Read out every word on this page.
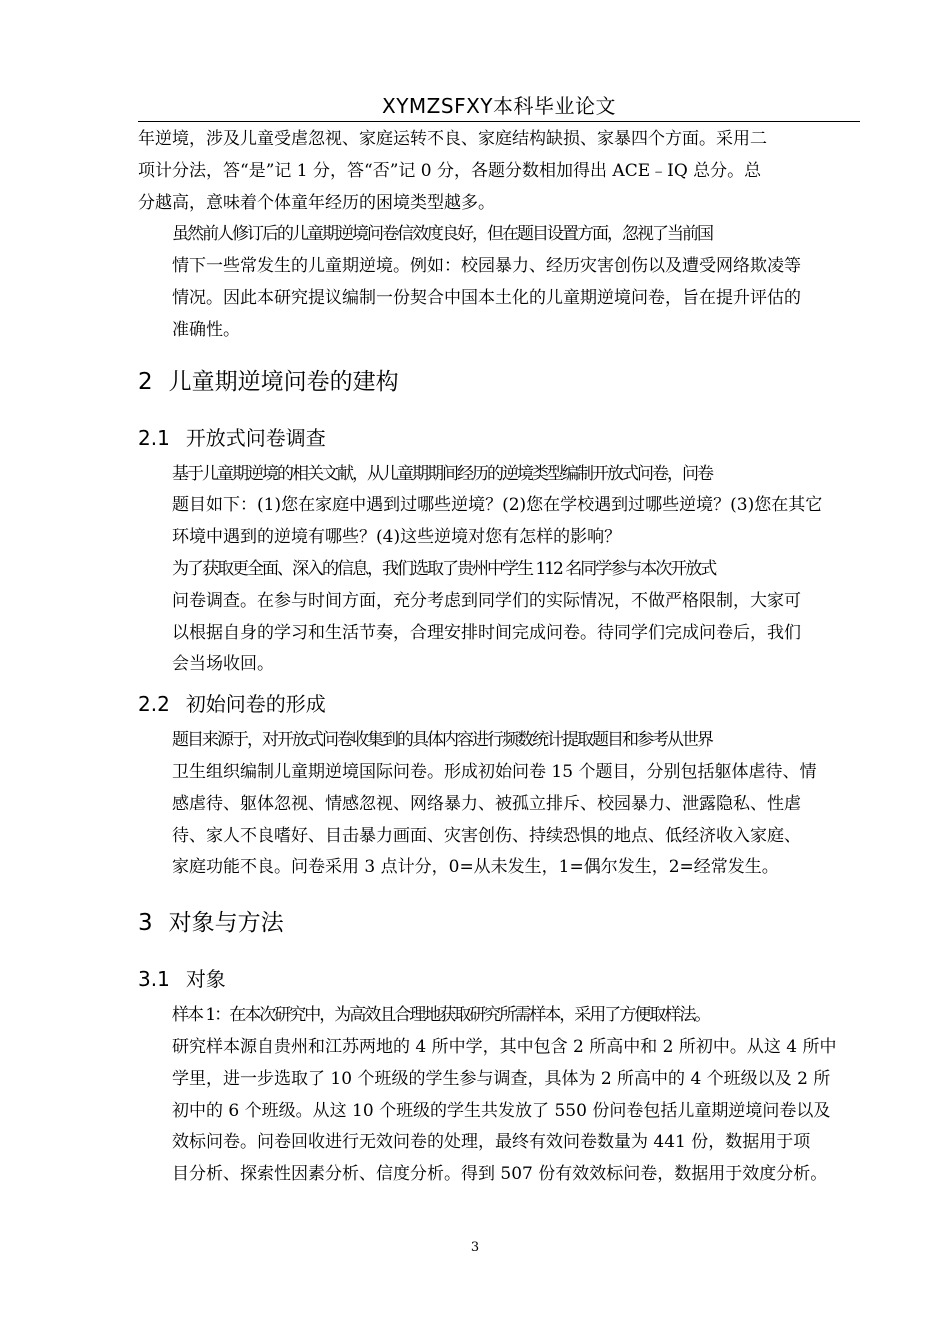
XYMZSFXY本科毕业论文

年逆境，涉及儿童受虐忽视、家庭运转不良、家庭结构缺损、家暴四个方面。采用二
项计分法，答“是”记 1 分，答“否”记 0 分，各题分数相加得出 ACE﹣IQ 总分。总
分越高，意味着个体童年经历的困境类型越多。

虽然前人修订后的儿童期逆境问卷信效度良好，但在题目设置方面，忽视了当前国
情下一些常发生的儿童期逆境。例如：校园暴力、经历灾害创伤以及遭受网络欺凌等
情况。因此本研究提议编制一份契合中国本土化的儿童期逆境问卷，旨在提升评估的
准确性。

2 儿童期逆境问卷的建构
2.1 开放式问卷调查

基于儿童期逆境的相关文献，从儿童期期间经历的逆境类型编制开放式问卷，问卷
题目如下：(1)您在家庭中遇到过哪些逆境？(2)您在学校遇到过哪些逆境？(3)您在其它
环境中遇到的逆境有哪些？(4)这些逆境对您有怎样的影响？

为了获取更全面、深入的信息，我们选取了贵州中学生 112 名同学参与本次开放式
问卷调查。在参与时间方面，充分考虑到同学们的实际情况，不做严格限制，大家可
以根据自身的学习和生活节奏，合理安排时间完成问卷。待同学们完成问卷后，我们
会当场收回。

2.2 初始问卷的形成

题目来源于，对开放式问卷收集到的具体内容进行频数统计提取题目和参考从世界
卫生组织编制儿童期逆境国际问卷。形成初始问卷 15 个题目，分别包括躯体虐待、情
感虐待、躯体忽视、情感忽视、网络暴力、被孤立排斥、校园暴力、泄露隐私、性虐
待、家人不良嗜好、目击暴力画面、灾害创伤、持续恐惧的地点、低经济收入家庭、
家庭功能不良。问卷采用 3 点计分，0=从未发生，1=偶尔发生，2=经常发生。

3 对象与方法
3.1 对象

样本 1：在本次研究中，为高效且合理地获取研究所需样本，采用了方便取样法。
研究样本源自贵州和江苏两地的 4 所中学，其中包含 2 所高中和 2 所初中。从这 4 所中
学里，进一步选取了 10 个班级的学生参与调查，具体为 2 所高中的 4 个班级以及 2 所
初中的 6 个班级。从这 10 个班级的学生共发放了 550 份问卷包括儿童期逆境问卷以及
效标问卷。问卷回收进行无效问卷的处理，最终有效问卷数量为 441 份，数据用于项
目分析、探索性因素分析、信度分析。得到 507 份有效效标问卷，数据用于效度分析。

3
